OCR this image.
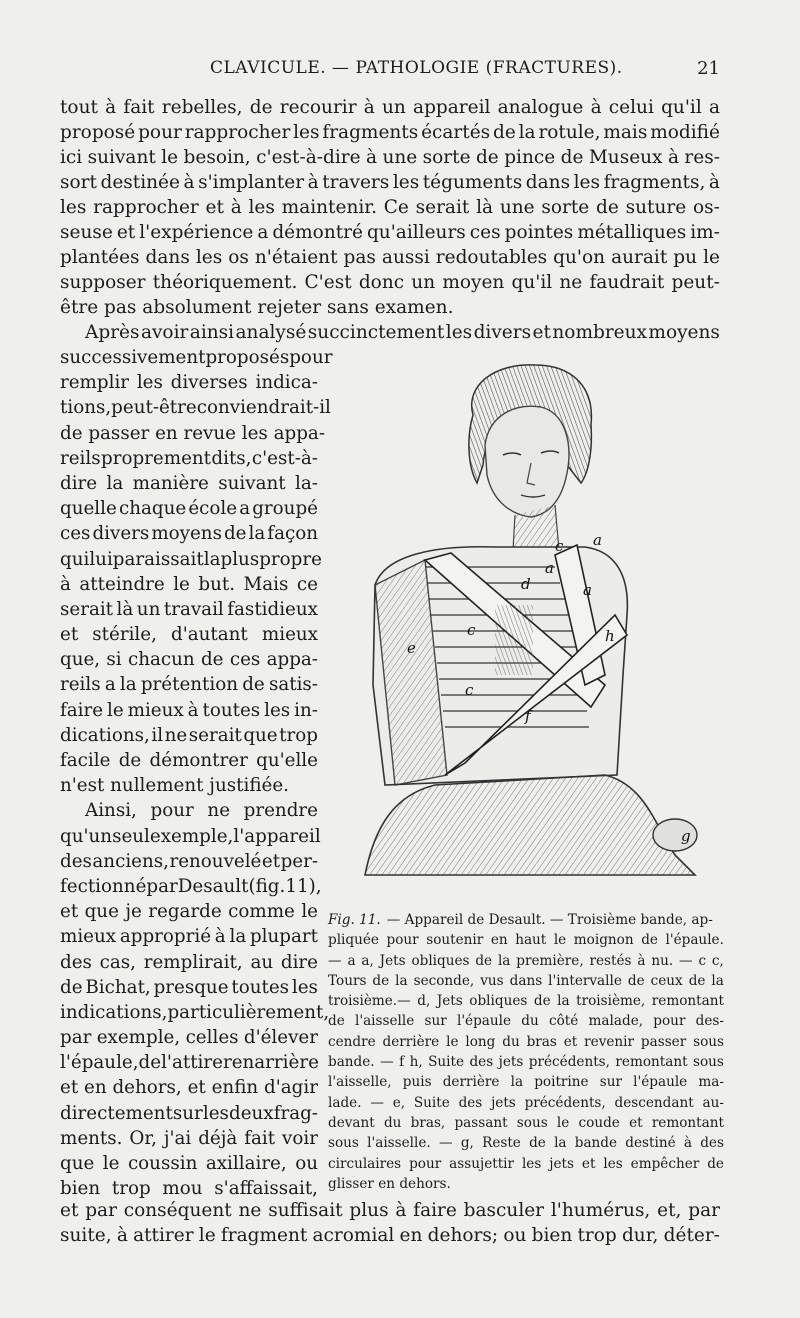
CLAVICULE. — PATHOLOGIE (FRACTURES).	21
tout à fait rebelles, de recourir à un appareil analogue à celui qu'il a
proposé pour rapprocher les fragments écartés de la rotule, mais modifié
ici suivant le besoin, c'est-à-dire à une sorte de pince de Museux à res-
sort destinée à s'implanter à travers les téguments dans les fragments, à
les rapprocher et à les maintenir. Ce serait là une sorte de suture os-
seuse et l'expérience a démontré qu'ailleurs ces pointes métalliques im-
plantées dans les os n'étaient pas aussi redoutables qu'on aurait pu le
supposer théoriquement. C'est donc un moyen qu'il ne faudrait peut-
être pas absolument rejeter sans examen.
Après avoir ainsi analysé succinctement les divers et nombreux moyens
successivement proposés pour
remplir les diverses indica-
tions, peut-être conviendrait-il
de passer en revue les appa-
reils proprement dits, c'est-à-
dire la manière suivant la-
quelle chaque école a groupé
ces divers moyens de la façon
qui lui paraissait la plus propre
à atteindre le but. Mais ce
serait là un travail fastidieux
et stérile, d'autant mieux
que, si chacun de ces appa-
reils a la prétention de satis-
faire le mieux à toutes les in-
dications, il ne serait que trop
facile de démontrer qu'elle
n'est nullement justifiée.
Ainsi, pour ne prendre
qu'un seul exemple, l'appareil
des anciens, renouvelé et per-
fectionné par Desault (fig. 11),
et que je regarde comme le
mieux approprié à la plupart
des cas, remplirait, au dire
de Bichat, presque toutes les
indications, particulièrement,
par exemple, celles d'élever
l'épaule, de l'attirer en arrière
et en dehors, et enfin d'agir
directement sur les deux frag-
ments. Or, j'ai déjà fait voir
que le coussin axillaire, ou
bien trop mou s'affaissait,
a
a
a
d
c
c
c
e
f
h
g
Fig. 11. — Appareil de Desault. — Troisième bande, ap-
pliquée pour soutenir en haut le moignon de l'épaule.
— a a, Jets obliques de la première, restés à nu. — c c,
Tours de la seconde, vus dans l'intervalle de ceux de la
troisième.— d, Jets obliques de la troisième, remontant
de l'aisselle sur l'épaule du côté malade, pour des-
cendre derrière le long du bras et revenir passer sous
bande. — f h, Suite des jets précédents, remontant sous
l'aisselle, puis derrière la poitrine sur l'épaule ma-
lade. — e, Suite des jets précédents, descendant au-
devant du bras, passant sous le coude et remontant
sous l'aisselle. — g, Reste de la bande destiné à des
circulaires pour assujettir les jets et les empêcher de
glisser en dehors.
et par conséquent ne suffisait plus à faire basculer l'humérus, et, par
suite, à attirer le fragment acromial en dehors; ou bien trop dur, déter-
